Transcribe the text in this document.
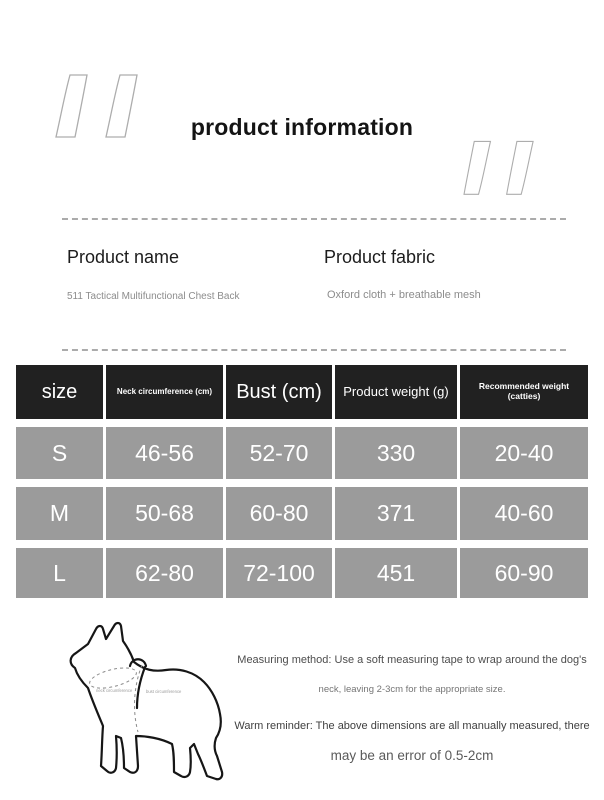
product information
Product name
511 Tactical Multifunctional Chest Back
Product fabric
Oxford cloth + breathable mesh
size	Neck circumference (cm)	Bust (cm)	Product weight (g)	Recommended weight (catties)
S	46-56	52-70	330	20-40
M	50-68	60-80	371	40-60
L	62-80	72-100	451	60-90
neck circumference	bust circumference

Measuring method: Use a soft measuring tape to wrap around the dog's

neck, leaving 2-3cm for the appropriate size.

Warm reminder: The above dimensions are all manually measured, there

may be an error of 0.5-2cm
